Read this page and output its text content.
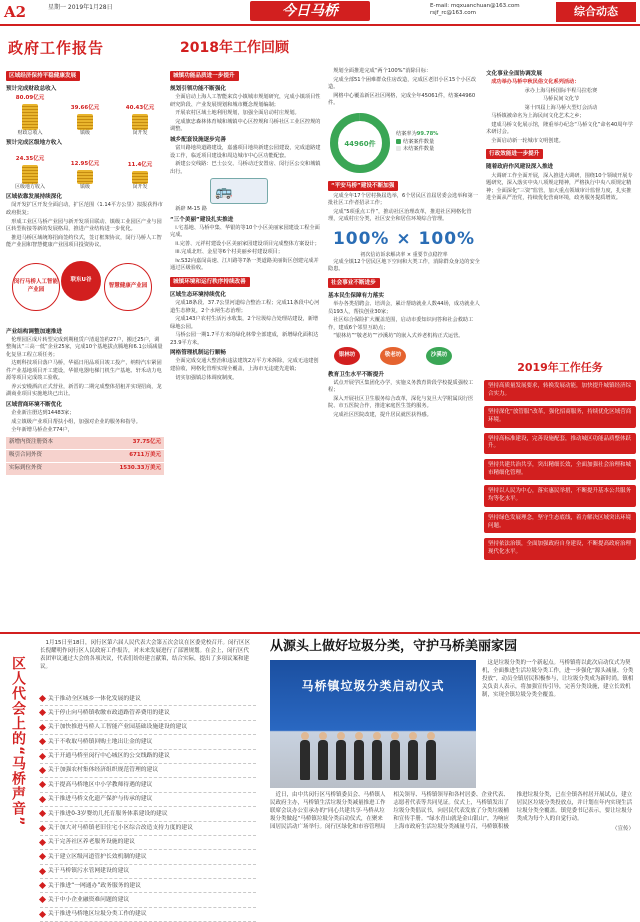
A2	星期一 2019年1月28日	今日马桥	E-mail: mqxuanchuan@163.com
rsjf_rc@163.com	综合动态
政府工作报告	2018年工作回顾
区域经济保持平稳健康发展
预计完成财政总收入
80.09亿元
财政总收入
39.66亿元
镇级
40.43亿元
闵开发
预计完成区级地方收入
24.35亿元
区级地方收入
12.95亿元
镇级
11.4亿元
闵开发
区域依靠发展持续深化
闵开发扩区开发全面启动，扩区范围（1.14平方公里）拟报获得市政府批复；
形成工业区马桥产业园与新开发项目联动、镇级工业园区产业与园区转型衔接等新的发展格局，推进产业结构进一步优化。
推进马桥区域统筹招商签约仪式，签订框架协议，闵行马桥人工智能产业园和智慧健康产业园项目投资协议。
闵行马桥人工智能产业园
联东U谷
智慧健康产业园
产业结构调整加速推进
伦理园区成片转型完成到期租赁户清退签约27户，搬迁25户，调整淘汰“三高一低”企业25家，完成10个基地拔点腾地和6.1公顷减量化复垦工程立项任务；
达则科技项目落户马桥，华福日用品项目竣工投产，纳特汽车紧固件产业基地项目开工建设，华银电器电梯门机生产基地、轩禾动力电源等项目完成竣工验收。
养云安缦酒店正式营业，新晋的二期完成整体招租并实现招商，龙湖商业项目实施地块已出让。
区域营商环境不断优化
企业新注册达到14483家；
成立镇级产业项目帮扶小组，加强对企业的服务和指导。
全年新增马桥企业774户，
新增内资注册资本	37.75亿元
吸引合同外资	6711万美元
实际到位外资	1530.33万美元
城镇功能品质进一步提升
规划引领功能不断强化
全面启动上海人工智能来宾小镇城市规划研究，完成小镇项目性研究阶段、产业发展规划和城市概念规划编制；
开展农村区域土地利用规划，加强全面启动村庄规划。
完成旗忠森林体育城和城镇中心区控规和马桥社区工业区控规的调整。
城乡配套设施逐步完善
富川路地块道路建设，嘉盛项目地块新建公园建设，完成道路建设工作，临近项目建设和周边城市中心区功能配套。
新建公交线路：巴士公交、马桥动迁安置房、闵行区公交和城镇出行。
🚌
新辟 M-15 路
“三个美丽”建设扎实推进
i.宅基地、马桥中集、华银的等10个小区美丽家园建设工程全面完成。
ii.完善、元祥村建设小区美丽家园建设项目完成整体方案设计；
iii.完成北旺、金星等6个村美丽乡村建设项目；
iv.S32向嘉闵高速、江川路等7条一类道路美丽街区创建完成并通过区级验收。
城镇环境和运行秩序持续改善
区域生态环境持续优化
完成18条段、37.7公里河道综合整治工程；完成11条段中心河道生态修复，2个水闸生态治理；
完成143户农村生活污水收集，2个垃圾综合处理站建设，新增绿地公园。
马桥公园一期1.7平方米的绿化林带全部建成，新增绿化面积达23.9平方米。
网格管理机制运行顺畅
全面完成交通大整治和违法建筑2万平方米拆除，完成无违建创建验收，网格化管理实现全覆盖，上海市无违建先进镇；
切实加强镇总体调度制度。
规划全面推进完成“两个100%”消除目标：
完成全部51个困难群众住房改造，完成区老旧小区15个小区改造。
网格中心覆盖新区社区网格，完成全年45061件，结案44960件。
44960件
结案率为99.78%
结案案件数量
未结案件数量
“平安马桥”建设不断加强
完成全年17个居村换届选举，6个居民区首届居委会选举和第一批社区工作者招录工作；
完成“5项重点工作”，推动社区治理改革，推进社区网格化管理，完成村庄分类，社区安全和居住环境综合管理。
100% × 100%
初次信访诉求解决率 × 重要节点稳控率
完成全镇12个居民区地下空间和大类工作，消除群众身边的安全隐患。
社会事业不断进步
基本民生保障有力落实
举办各类招聘会、培训会，累计帮助就业人数44场，成功就业人员193人，帮扶创业30家；
社区综合保险扩大覆盖范围，启动市委知识问答和社会救助工作，建成6个邻里互助点；
“银林坊”“敬老坊”“沙溪坊”的嵌入式养老机构正式运营。
银林坊	敬老坊	沙溪坊
教育卫生水平不断提升
试点开展学区集团化办学，实施义务教育阶段学校提质强校工程；
深入开展社区卫生服务综合改革，深化与复旦大学附属闵行医院、市五医院合作，推进家庭医生签约服务。
完成社区医院改建，提升居民就医获得感。
文化事业全面协调发展
成功举办马桥中秋民俗文化系列活动：
承办上海马桥国际半程马拉松赛
马桥民间文化节
第十四届上海马桥大型灯会活动
马桥镇被命名为上海民间文化艺术之乡；
建成马桥文化展示馆，隆重举办纪念“马桥文化”命名40周年学术研讨会。
全面启动新一轮城市文明创建。
行政效能进一步提升
随着政府作风建设深入推进
大调研工作全面开展，深入推进大调研，围绕10个领域开展专题研究，深入落实中央八项规定精神，严格执行中央八项规定精神；全面深化“三资”监管，加大重点领域审计监督力度，扎实推进全面从严治党，持续优化营商环境，政务服务提质增效。
2019年工作任务
坚持高质量发展要求，转换发展动能，加快提升城镇经济综合实力。
坚持深化“放管服”改革，强化招商服务，持续优化区域营商环境。
坚持高标准建设，完善设施配套，推动城区功能品质整体跃升。
坚持共建共治共享，突出精细长效，全面加强社会治理和城市精细化管理。
坚持以人民为中心，落实惠民举措，不断提升基本公共服务均等化水平。
坚持绿色发展理念，坚守生态底线，着力解决区域突出环境问题。
坚持依法治镇，全面加强政府自身建设，不断提高政府治理现代化水平。
区人代会上的“马桥声音”
1月15日至18日，闵行区第六届人民代表大会第五次会议在区委党校召开。闵行区区长倪耀明作闵行区人民政府工作报告，对未来发展进行了部署规划。在会上，闵行区代表团审议通过大会的各项决议，代表们纷纷建言献策，结合实际，提出了多项议案和建议。
关于推动全区城乡一体化发展的建议
关于停止向马桥镇收缴市政道路管养费用的建议
关于加快推进马桥人工智能产业园基础设施建设的建议
关于不收取马桥镇回购土地出让金的建议
关于开通马桥至闵行中心城区的公交线路的建议
关于加强农村集体经济组织规范管理的建议
关于提高马桥地区中小学教师待遇的建议
关于推进马桥文化遗产保护与传承的建议
关于推进0-3岁婴幼儿托育服务体系建设的建议
关于加大对马桥镇老旧住宅小区综合改造支持力度的建议
关于完善社区养老服务设施的建议
关于建立区级河道管护长效机制的建议
关于马桥镇污水管网建设的建议
关于推进“一网通办”政务服务的建议
关于中小企业融资难问题的建议
关于推进马桥地区垃圾分类工作的建议
从源头上做好垃圾分类，守护马桥美丽家园
马桥镇垃圾分类启动仪式
这是垃圾分类的一个新起点。马桥镇将以此次启动仪式为契机，全面推进生活垃圾分类工作，进一步强化“源头减量、分类投放”，动员全镇居民积极参与，让垃圾分类成为新时尚。镇相关负责人表示，将加强宣传引导，完善分类设施，建立长效机制，实现全镇垃圾分类全覆盖。
近日，由中共闵行区马桥镇委员会、马桥镇人民政府主办，马桥镇生活垃圾分类减量推进工作联席会议办公室承办的“同心共建共享·马桥从垃圾分类做起”马桥镇垃圾分类启动仪式，在聚来园居民活动广场举行。闵行区绿化和市容管理局相关领导、马桥镇领导和各村居委、企业代表、志愿者代表等共同见证。仪式上，马桥镇发出了垃圾分类倡议书，向居民代表发放了分类垃圾桶和宣传手册。“绿水青山就是金山银山”，为响应上海市政府生活垃圾分类减量号召，马桥镇积极推进垃圾分类，已在全镇各村居开展试点，建立居民区垃圾分类投放点，并计划在年内实现生活垃圾分类全覆盖。镇党委书记表示，要让垃圾分类成为每个人的自觉行动。
（宣传）
